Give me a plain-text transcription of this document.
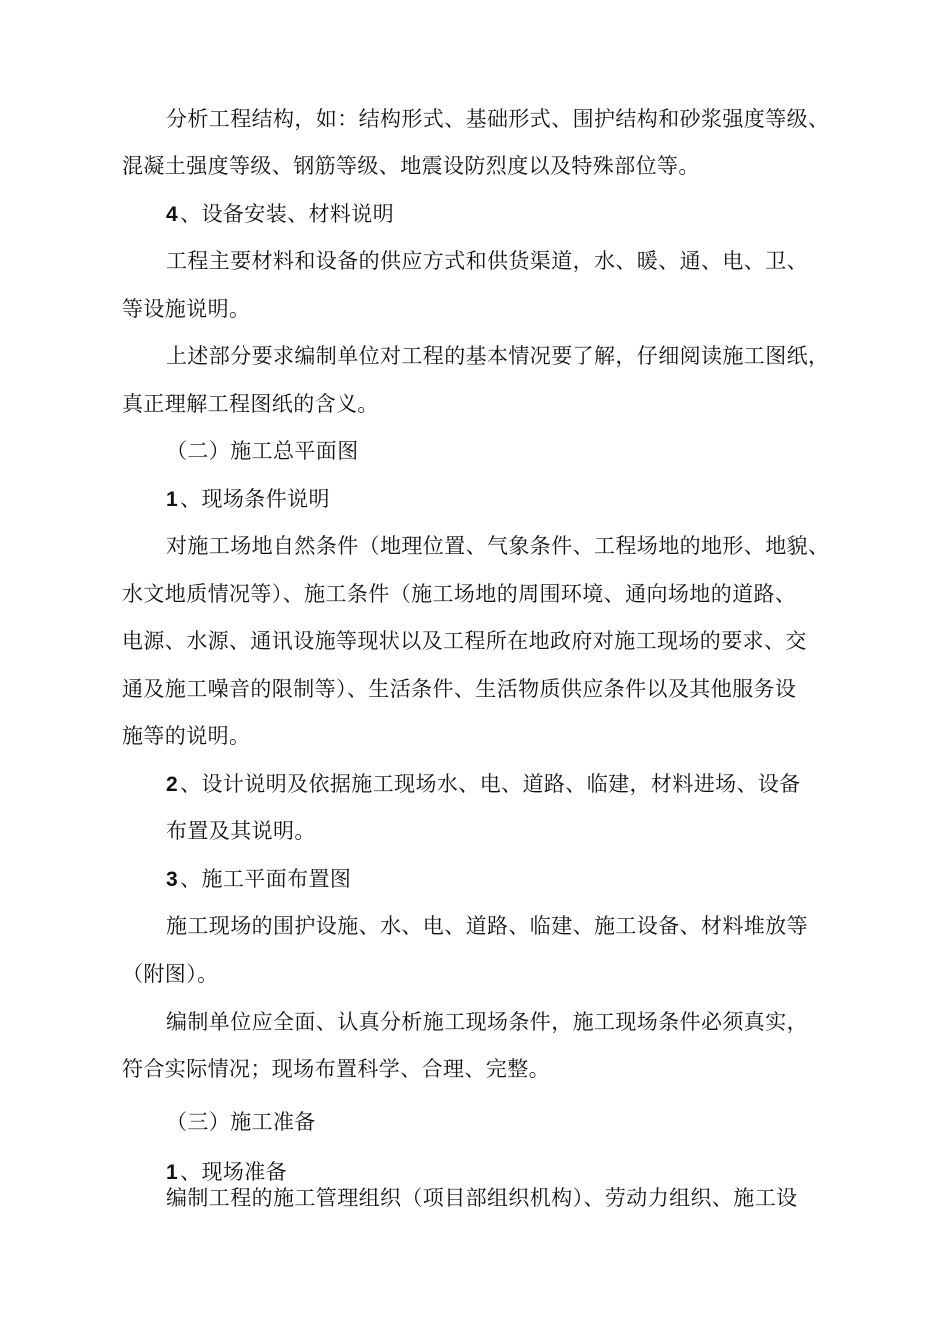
分析工程结构，如：结构形式、基础形式、围护结构和砂浆强度等级、

混凝土强度等级、钢筋等级、地震设防烈度以及特殊部位等。

4、设备安装、材料说明

工程主要材料和设备的供应方式和供货渠道，水、暖、通、电、卫、

等设施说明。

上述部分要求编制单位对工程的基本情况要了解，仔细阅读施工图纸，

真正理解工程图纸的含义。

（二）施工总平面图

1、现场条件说明

对施工场地自然条件（地理位置、气象条件、工程场地的地形、地貌、

水文地质情况等）、施工条件（施工场地的周围环境、通向场地的道路、

电源、水源、通讯设施等现状以及工程所在地政府对施工现场的要求、交

通及施工噪音的限制等）、生活条件、生活物质供应条件以及其他服务设

施等的说明。

2、设计说明及依据施工现场水、电、道路、临建，材料进场、设备

布置及其说明。

3、施工平面布置图

施工现场的围护设施、水、电、道路、临建、施工设备、材料堆放等

（附图）。

编制单位应全面、认真分析施工现场条件，施工现场条件必须真实，

符合实际情况；现场布置科学、合理、完整。

（三）施工准备

1、现场准备

编制工程的施工管理组织（项目部组织机构）、劳动力组织、施工设
